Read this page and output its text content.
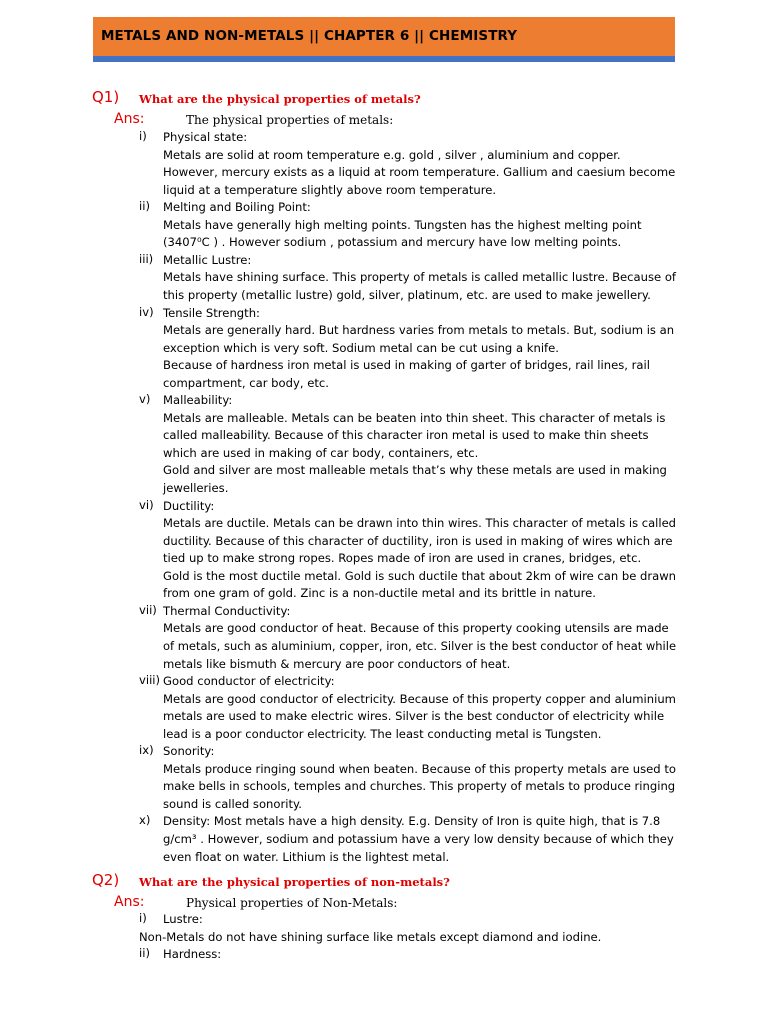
METALS AND NON-METALS || CHAPTER 6 || CHEMISTRY
Q1) What are the physical properties of metals?
Ans:	The physical properties of metals:
i) Physical state:
Metals are solid at room temperature e.g. gold , silver , aluminium and copper.
However, mercury exists as a liquid at room temperature. Gallium and caesium become
liquid at a temperature slightly above room temperature.
ii) Melting and Boiling Point:
Metals have generally high melting points. Tungsten has the highest melting point
(3407⁰C ) . However sodium , potassium and mercury have low melting points.
iii) Metallic Lustre:
Metals have shining surface. This property of metals is called metallic lustre. Because of
this property (metallic lustre) gold, silver, platinum, etc. are used to make jewellery.
iv) Tensile Strength:
Metals are generally hard. But hardness varies from metals to metals. But, sodium is an
exception which is very soft. Sodium metal can be cut using a knife.
Because of hardness iron metal is used in making of garter of bridges, rail lines, rail
compartment, car body, etc.
v) Malleability:
Metals are malleable. Metals can be beaten into thin sheet. This character of metals is
called malleability. Because of this character iron metal is used to make thin sheets
which are used in making of car body, containers, etc.
Gold and silver are most malleable metals that’s why these metals are used in making
jewelleries.
vi) Ductility:
Metals are ductile. Metals can be drawn into thin wires. This character of metals is called
ductility. Because of this character of ductility, iron is used in making of wires which are
tied up to make strong ropes. Ropes made of iron are used in cranes, bridges, etc.
Gold is the most ductile metal. Gold is such ductile that about 2km of wire can be drawn
from one gram of gold. Zinc is a non-ductile metal and its brittle in nature.
vii) Thermal Conductivity:
Metals are good conductor of heat. Because of this property cooking utensils are made
of metals, such as aluminium, copper, iron, etc. Silver is the best conductor of heat while
metals like bismuth & mercury are poor conductors of heat.
viii) Good conductor of electricity:
Metals are good conductor of electricity. Because of this property copper and aluminium
metals are used to make electric wires. Silver is the best conductor of electricity while
lead is a poor conductor electricity. The least conducting metal is Tungsten.
ix) Sonority:
Metals produce ringing sound when beaten. Because of this property metals are used to
make bells in schools, temples and churches. This property of metals to produce ringing
sound is called sonority.
x) Density: Most metals have a high density. E.g. Density of Iron is quite high, that is 7.8
g/cm³ . However, sodium and potassium have a very low density because of which they
even float on water. Lithium is the lightest metal.
Q2) What are the physical properties of non-metals?
Ans:	Physical properties of Non-Metals:
i) Lustre:
Non-Metals do not have shining surface like metals except diamond and iodine.
ii) Hardness:
